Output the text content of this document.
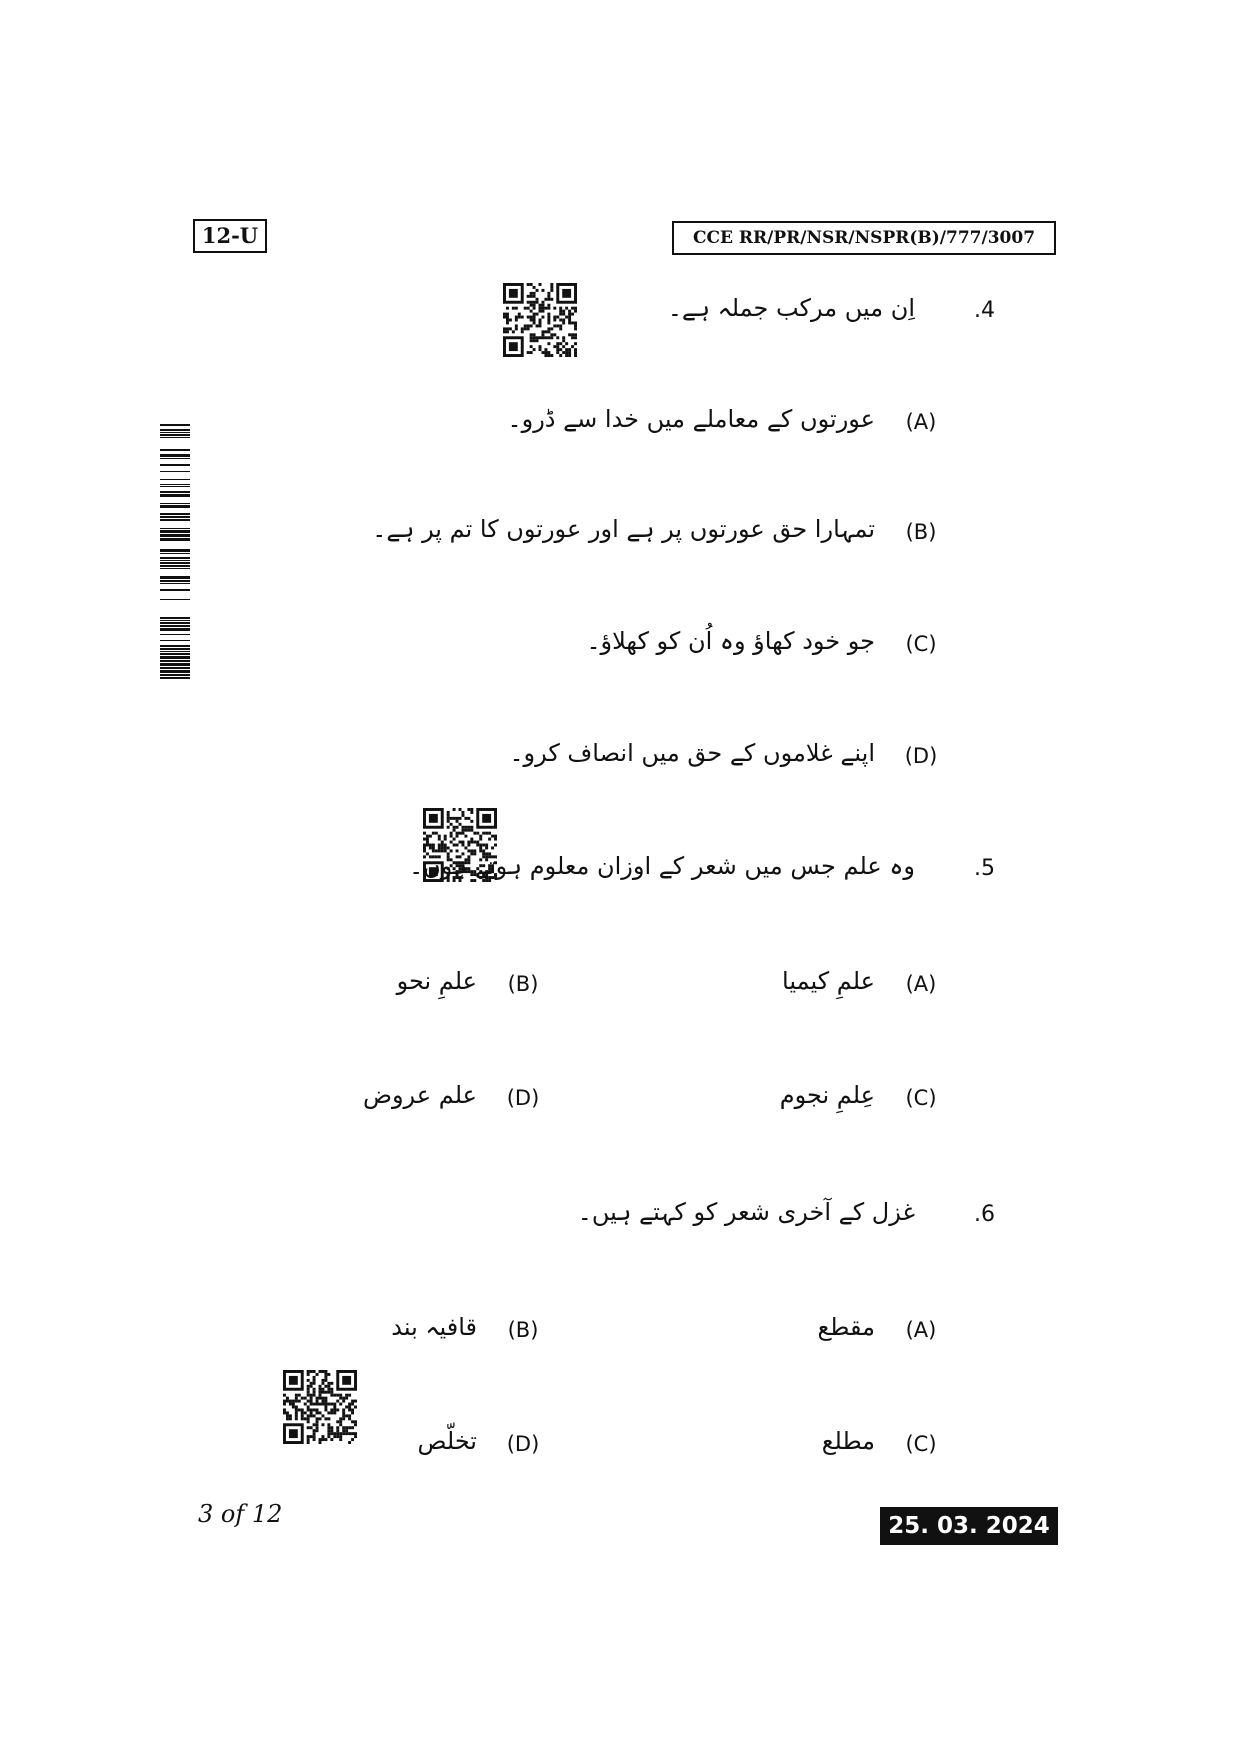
12-U	CCE RR/PR/NSR/NSPR(B)/777/3007
.4
اِن میں مرکب جملہ ہے۔
(A)
عورتوں کے معاملے میں خدا سے ڈرو۔
(B)
تمہارا حق عورتوں پر ہے اور عورتوں کا تم پر ہے۔
(C)
جو خود کھاؤ وہ اُن کو کھلاؤ۔
(D)
اپنے غلاموں کے حق میں انصاف کرو۔
.5
وہ علم جس میں شعر کے اوزان معلوم ہوتے ہوں۔
(A)
علمِ کیمیا
(B)
علمِ نحو
(C)
عِلمِ نجوم
(D)
علم عروض
.6
غزل کے آخری شعر کو کہتے ہیں۔
(A)
مقطع
(B)
قافیہ بند
(C)
مطلع
(D)
تخلّص
3 of 12	25. 03. 2024
